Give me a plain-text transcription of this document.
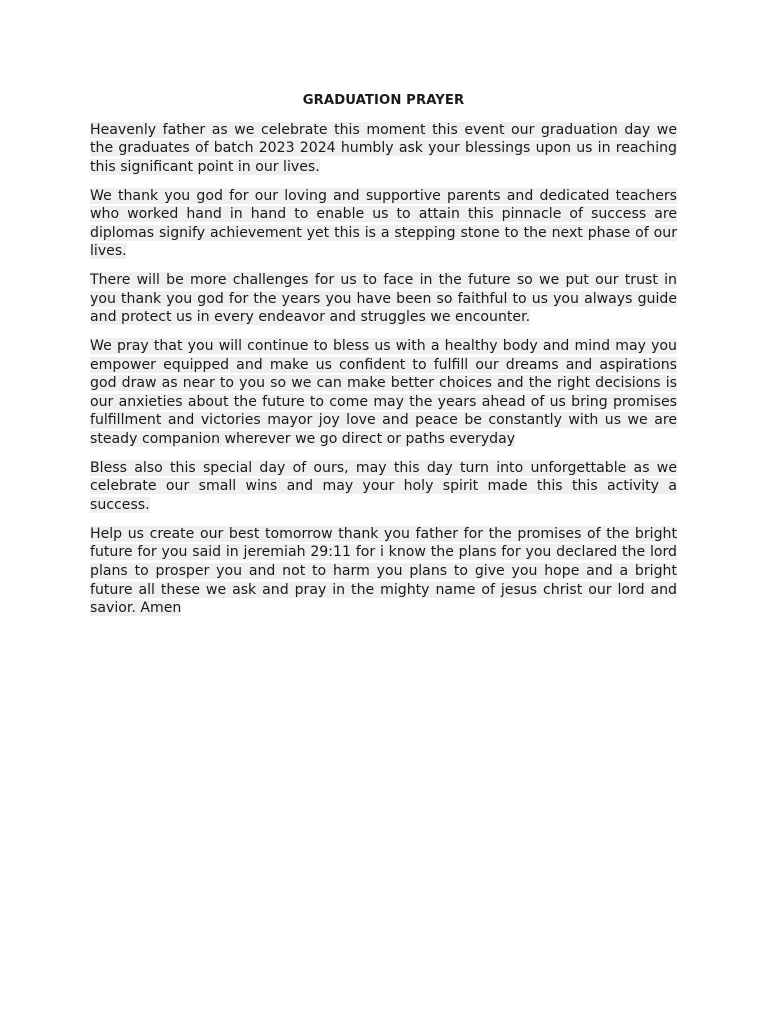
GRADUATION PRAYER

Heavenly father as we celebrate this moment this event our graduation day we the graduates of batch 2023 2024 humbly ask your blessings upon us in reaching this significant point in our lives.

We thank you god for our loving and supportive parents and dedicated teachers who worked hand in hand to enable us to attain this pinnacle of success are diplomas signify achievement yet this is a stepping stone to the next phase of our lives.

There will be more challenges for us to face in the future so we put our trust in you thank you god for the years you have been so faithful to us you always guide and protect us in every endeavor and struggles we encounter.

We pray that you will continue to bless us with a healthy body and mind may you empower equipped and make us confident to fulfill our dreams and aspirations god draw as near to you so we can make better choices and the right decisions is our anxieties about the future to come may the years ahead of us bring promises fulfillment and victories mayor joy love and peace be constantly with us we are steady companion wherever we go direct or paths everyday

Bless also this special day of ours, may this day turn into unforgettable as we celebrate our small wins and may your holy spirit made this this activity a success.

Help us create our best tomorrow thank you father for the promises of the bright future for you said in jeremiah 29:11 for i know the plans for you declared the lord plans to prosper you and not to harm you plans to give you hope and a bright future all these we ask and pray in the mighty name of jesus christ our lord and savior. Amen
